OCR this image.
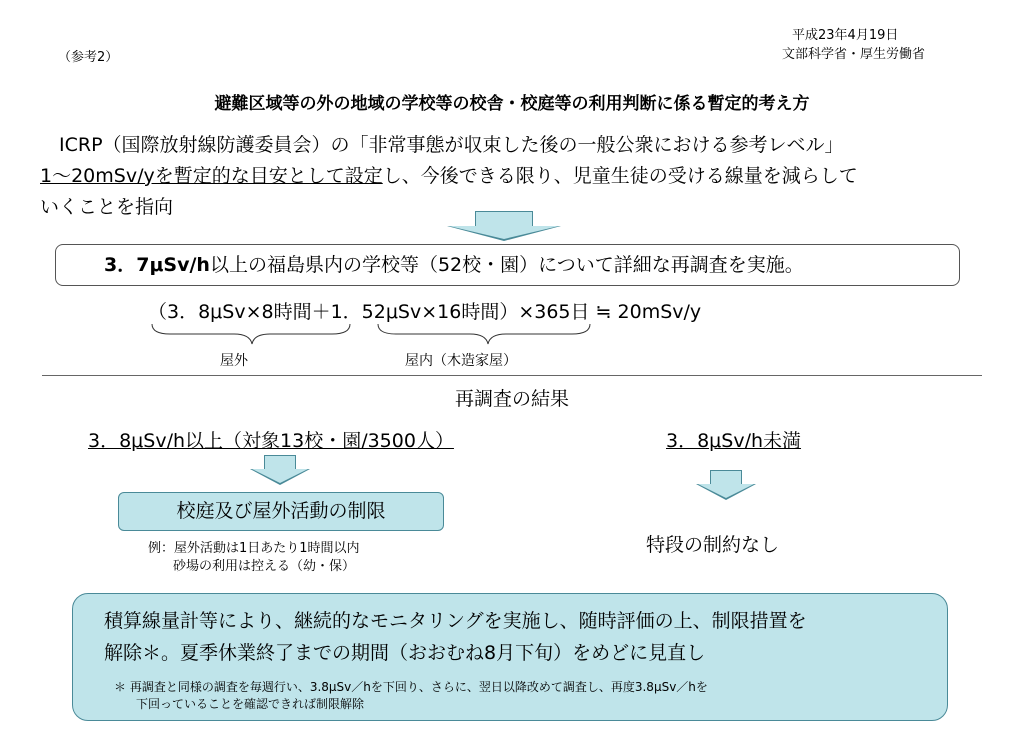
（参考2）
平成23年4月19日
文部科学省・厚生労働省
避難区域等の外の地域の学校等の校舎・校庭等の利用判断に係る暫定的考え方

ICRP（国際放射線防護委員会）の「非常事態が収束した後の一般公衆における参考レベル」

1～20mSv/yを暫定的な目安として設定し、今後できる限り、児童生徒の受ける線量を減らして

いくことを指向

3．7μSv/h以上の福島県内の学校等（52校・園）について詳細な再調査を実施。
（3．8μSv×8時間＋1．52μSv×16時間）×365日 ≒ 20mSv/y
屋外	屋内（木造家屋）
再調査の結果
3．8μSv/h以上（対象13校・園/3500人）	3．8μSv/h未満
校庭及び屋外活動の制限
例：屋外活動は1日あたり1時間以内
砂場の利用は控える（幼・保）
特段の制約なし
積算線量計等により、継続的なモニタリングを実施し、随時評価の上、制限措置を
解除＊。夏季休業終了までの期間（おおむね8月下旬）をめどに見直し
＊ 再調査と同様の調査を毎週行い、3.8μSv／hを下回り、さらに、翌日以降改めて調査し、再度3.8μSv／hを
下回っていることを確認できれば制限解除
